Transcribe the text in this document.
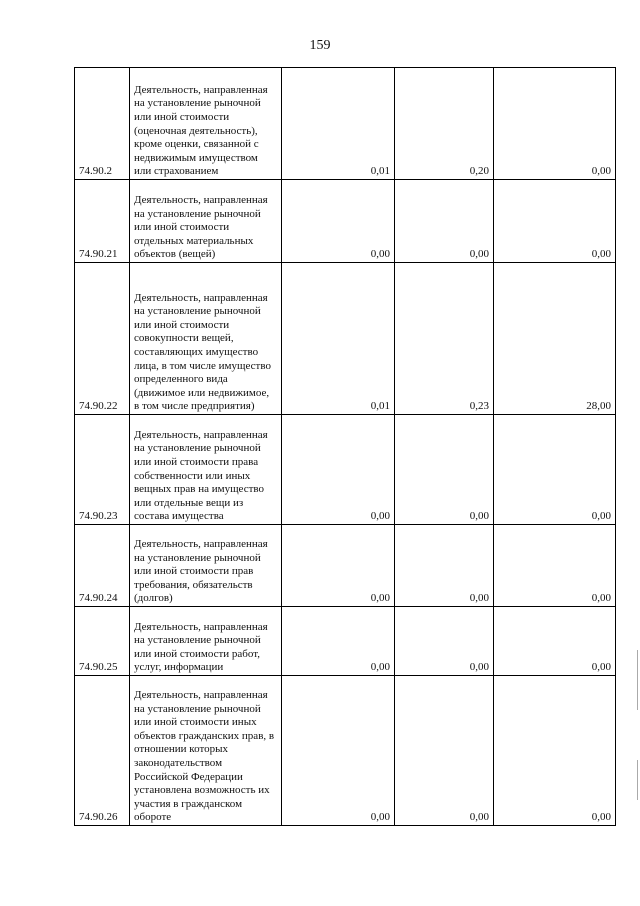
159
74.90.2	Деятельность, направленная на установление рыночной или иной стоимости (оценочная деятельность), кроме оценки, связанной с недвижимым имуществом или страхованием	0,01	0,20	0,00
74.90.21	Деятельность, направленная на установление рыночной или иной стоимости отдельных материальных объектов (вещей)	0,00	0,00	0,00
74.90.22	Деятельность, направленная на установление рыночной или иной стоимости совокупности вещей, составляющих имущество лица, в том числе имущество определенного вида (движимое или недвижимое, в том числе предприятия)	0,01	0,23	28,00
74.90.23	Деятельность, направленная на установление рыночной или иной стоимости права собственности или иных вещных прав на имущество или отдельные вещи из состава имущества	0,00	0,00	0,00
74.90.24	Деятельность, направленная на установление рыночной или иной стоимости прав требования, обязательств (долгов)	0,00	0,00	0,00
74.90.25	Деятельность, направленная на установление рыночной или иной стоимости работ, услуг, информации	0,00	0,00	0,00
74.90.26	Деятельность, направленная на установление рыночной или иной стоимости иных объектов гражданских прав, в отношении которых законодательством Российской Федерации установлена возможность их участия в гражданском обороте	0,00	0,00	0,00
